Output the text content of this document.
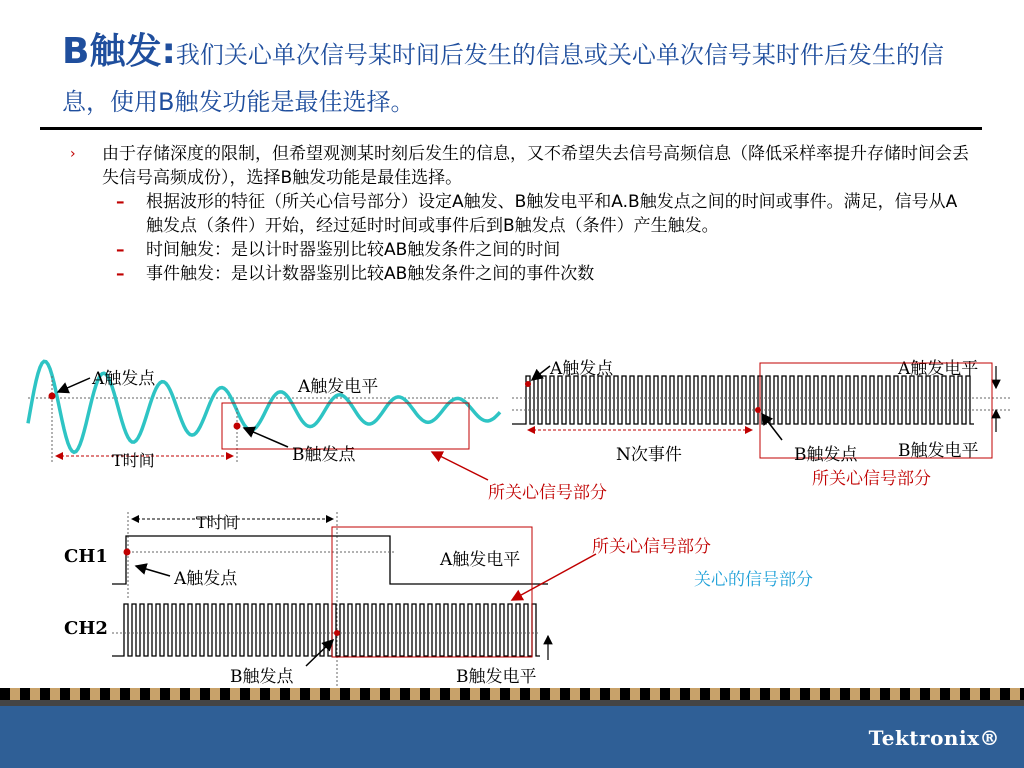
B触发:我们关心单次信号某时间后发生的信息或关心单次信号某时件后发生的信息，使用B触发功能是最佳选择。
› 由于存储深度的限制，但希望观测某时刻后发生的信息，又不希望失去信号高频信息（降低采样率提升存储时间会丢失信号高频成份），选择B触发功能是最佳选择。
– 根据波形的特征（所关心信号部分）设定A触发、B触发电平和A.B触发点之间的时间或事件。满足，信号从A触发点（条件）开始，经过延时时间或事件后到B触发点（条件）产生触发。
– 时间触发：是以计时器鉴别比较AB触发条件之间的时间
– 事件触发：是以计数器鉴别比较AB触发条件之间的事件次数
A触发点	A触发电平
B触发点
T时间
所关心信号部分
A触发点	A触发电平
N次事件	B触发点 B触发电平
所关心信号部分
T时间
CH1
CH2
A触发点
A触发电平
B触发点	B触发电平
所关心信号部分
关心的信号部分
Tektronix®
